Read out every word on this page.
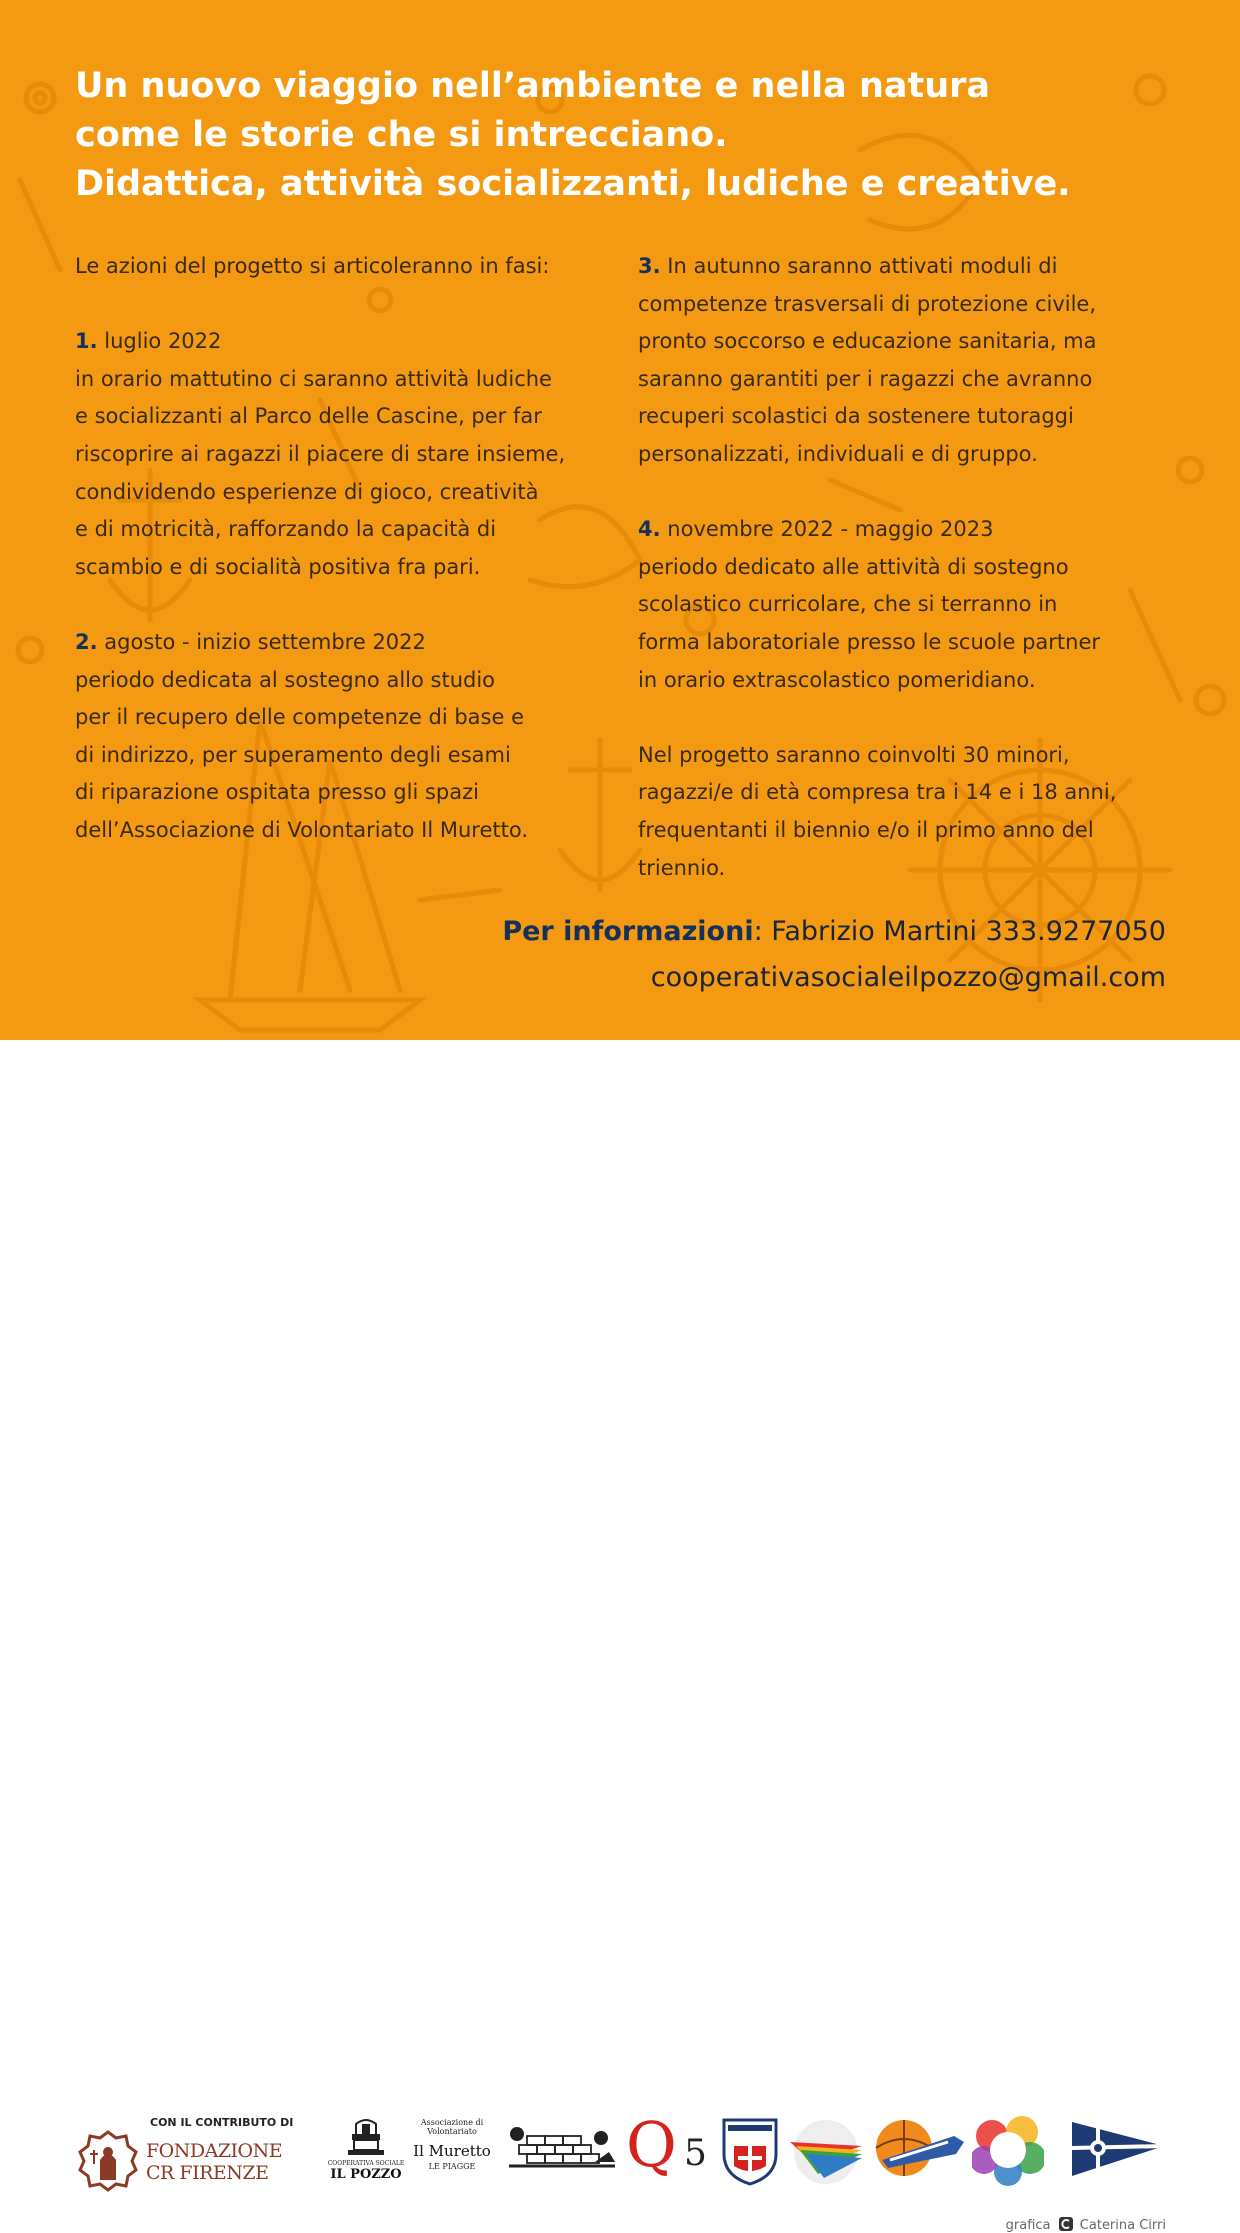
Un nuovo viaggio nell’ambiente e nella natura
come le storie che si intrecciano.
Didattica, attività socializzanti, ludiche e creative.
Le azioni del progetto si articoleranno in fasi:
1. luglio 2022
in orario mattutino ci saranno attività ludiche
e socializzanti al Parco delle Cascine, per far
riscoprire ai ragazzi il piacere di stare insieme,
condividendo esperienze di gioco, creatività
e di motricità, rafforzando la capacità di
scambio e di socialità positiva fra pari.
2. agosto - inizio settembre 2022
periodo dedicata al sostegno allo studio
per il recupero delle competenze di base e
di indirizzo, per superamento degli esami
di riparazione ospitata presso gli spazi
dell’Associazione di Volontariato Il Muretto.
3. In autunno saranno attivati moduli di
competenze trasversali di protezione civile,
pronto soccorso e educazione sanitaria, ma
saranno garantiti per i ragazzi che avranno
recuperi scolastici da sostenere tutoraggi
personalizzati, individuali e di gruppo.
4. novembre 2022 - maggio 2023
periodo dedicato alle attività di sostegno
scolastico curricolare, che si terranno in
forma laboratoriale presso le scuole partner
in orario extrascolastico pomeridiano.
Nel progetto saranno coinvolti 30 minori,
ragazzi/e di età compresa tra i 14 e i 18 anni,
frequentanti il biennio e/o il primo anno del
triennio.
Per informazioni: Fabrizio Martini 333.9277050
cooperativasocialeilpozzo@gmail.com
CON IL CONTRIBUTO DI
FONDAZIONE
CR FIRENZE	COOPERATIVA SOCIALE
IL POZZO
Associazione di
Volontariato
Il Muretto
LE PIAGGE	Q 5
grafica Caterina Cirri
